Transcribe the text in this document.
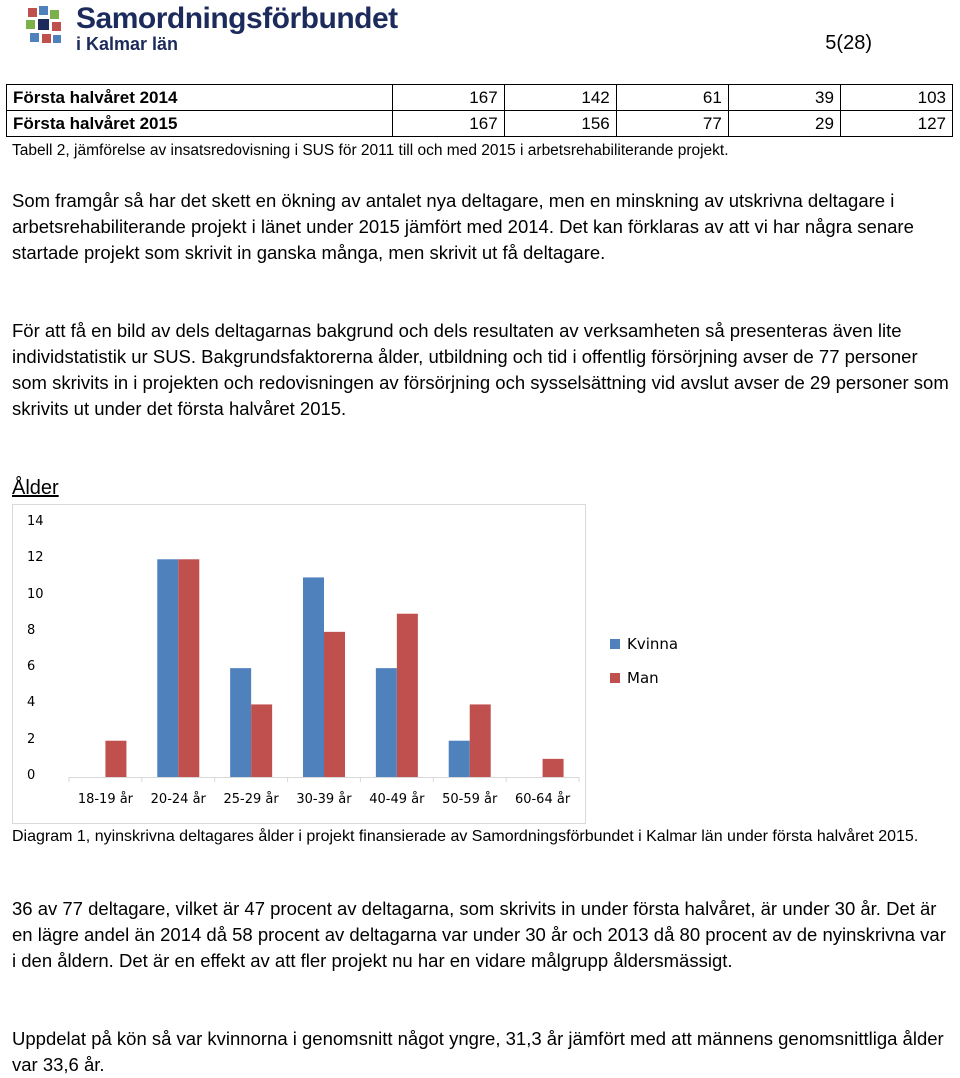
Samordningsförbundet
i Kalmar län	5(28)
Första halvåret 2014	167	142	61	39	103
Första halvåret 2015	167	156	77	29	127
Tabell 2, jämförelse av insatsredovisning i SUS för 2011 till och med 2015 i arbetsrehabiliterande projekt.
Som framgår så har det skett en ökning av antalet nya deltagare, men en minskning av utskrivna deltagare i arbetsrehabiliterande projekt i länet under 2015 jämfört med 2014. Det kan förklaras av att vi har några senare startade projekt som skrivit in ganska många, men skrivit ut få deltagare.
För att få en bild av dels deltagarnas bakgrund och dels resultaten av verksamheten så presenteras även lite individstatistik ur SUS. Bakgrundsfaktorerna ålder, utbildning och tid i offentlig försörjning avser de 77 personer som skrivits in i projekten och redovisningen av försörjning och sysselsättning vid avslut avser de 29 personer som skrivits ut under det första halvåret 2015.
Ålder
0
2
4
6
8
10
12
14
18-19 år	20-24 år	25-29 år	30-39 år	40-49 år	50-59 år	60-64 år
Kvinna
Man
Diagram 1, nyinskrivna deltagares ålder i projekt finansierade av Samordningsförbundet i Kalmar län under första halvåret 2015.
36 av 77 deltagare, vilket är 47 procent av deltagarna, som skrivits in under första halvåret, är under 30 år. Det är en lägre andel än 2014 då 58 procent av deltagarna var under 30 år och 2013 då 80 procent av de nyinskrivna var i den åldern. Det är en effekt av att fler projekt nu har en vidare målgrupp åldersmässigt.
Uppdelat på kön så var kvinnorna i genomsnitt något yngre, 31,3 år jämfört med att männens genomsnittliga ålder var 33,6 år.
